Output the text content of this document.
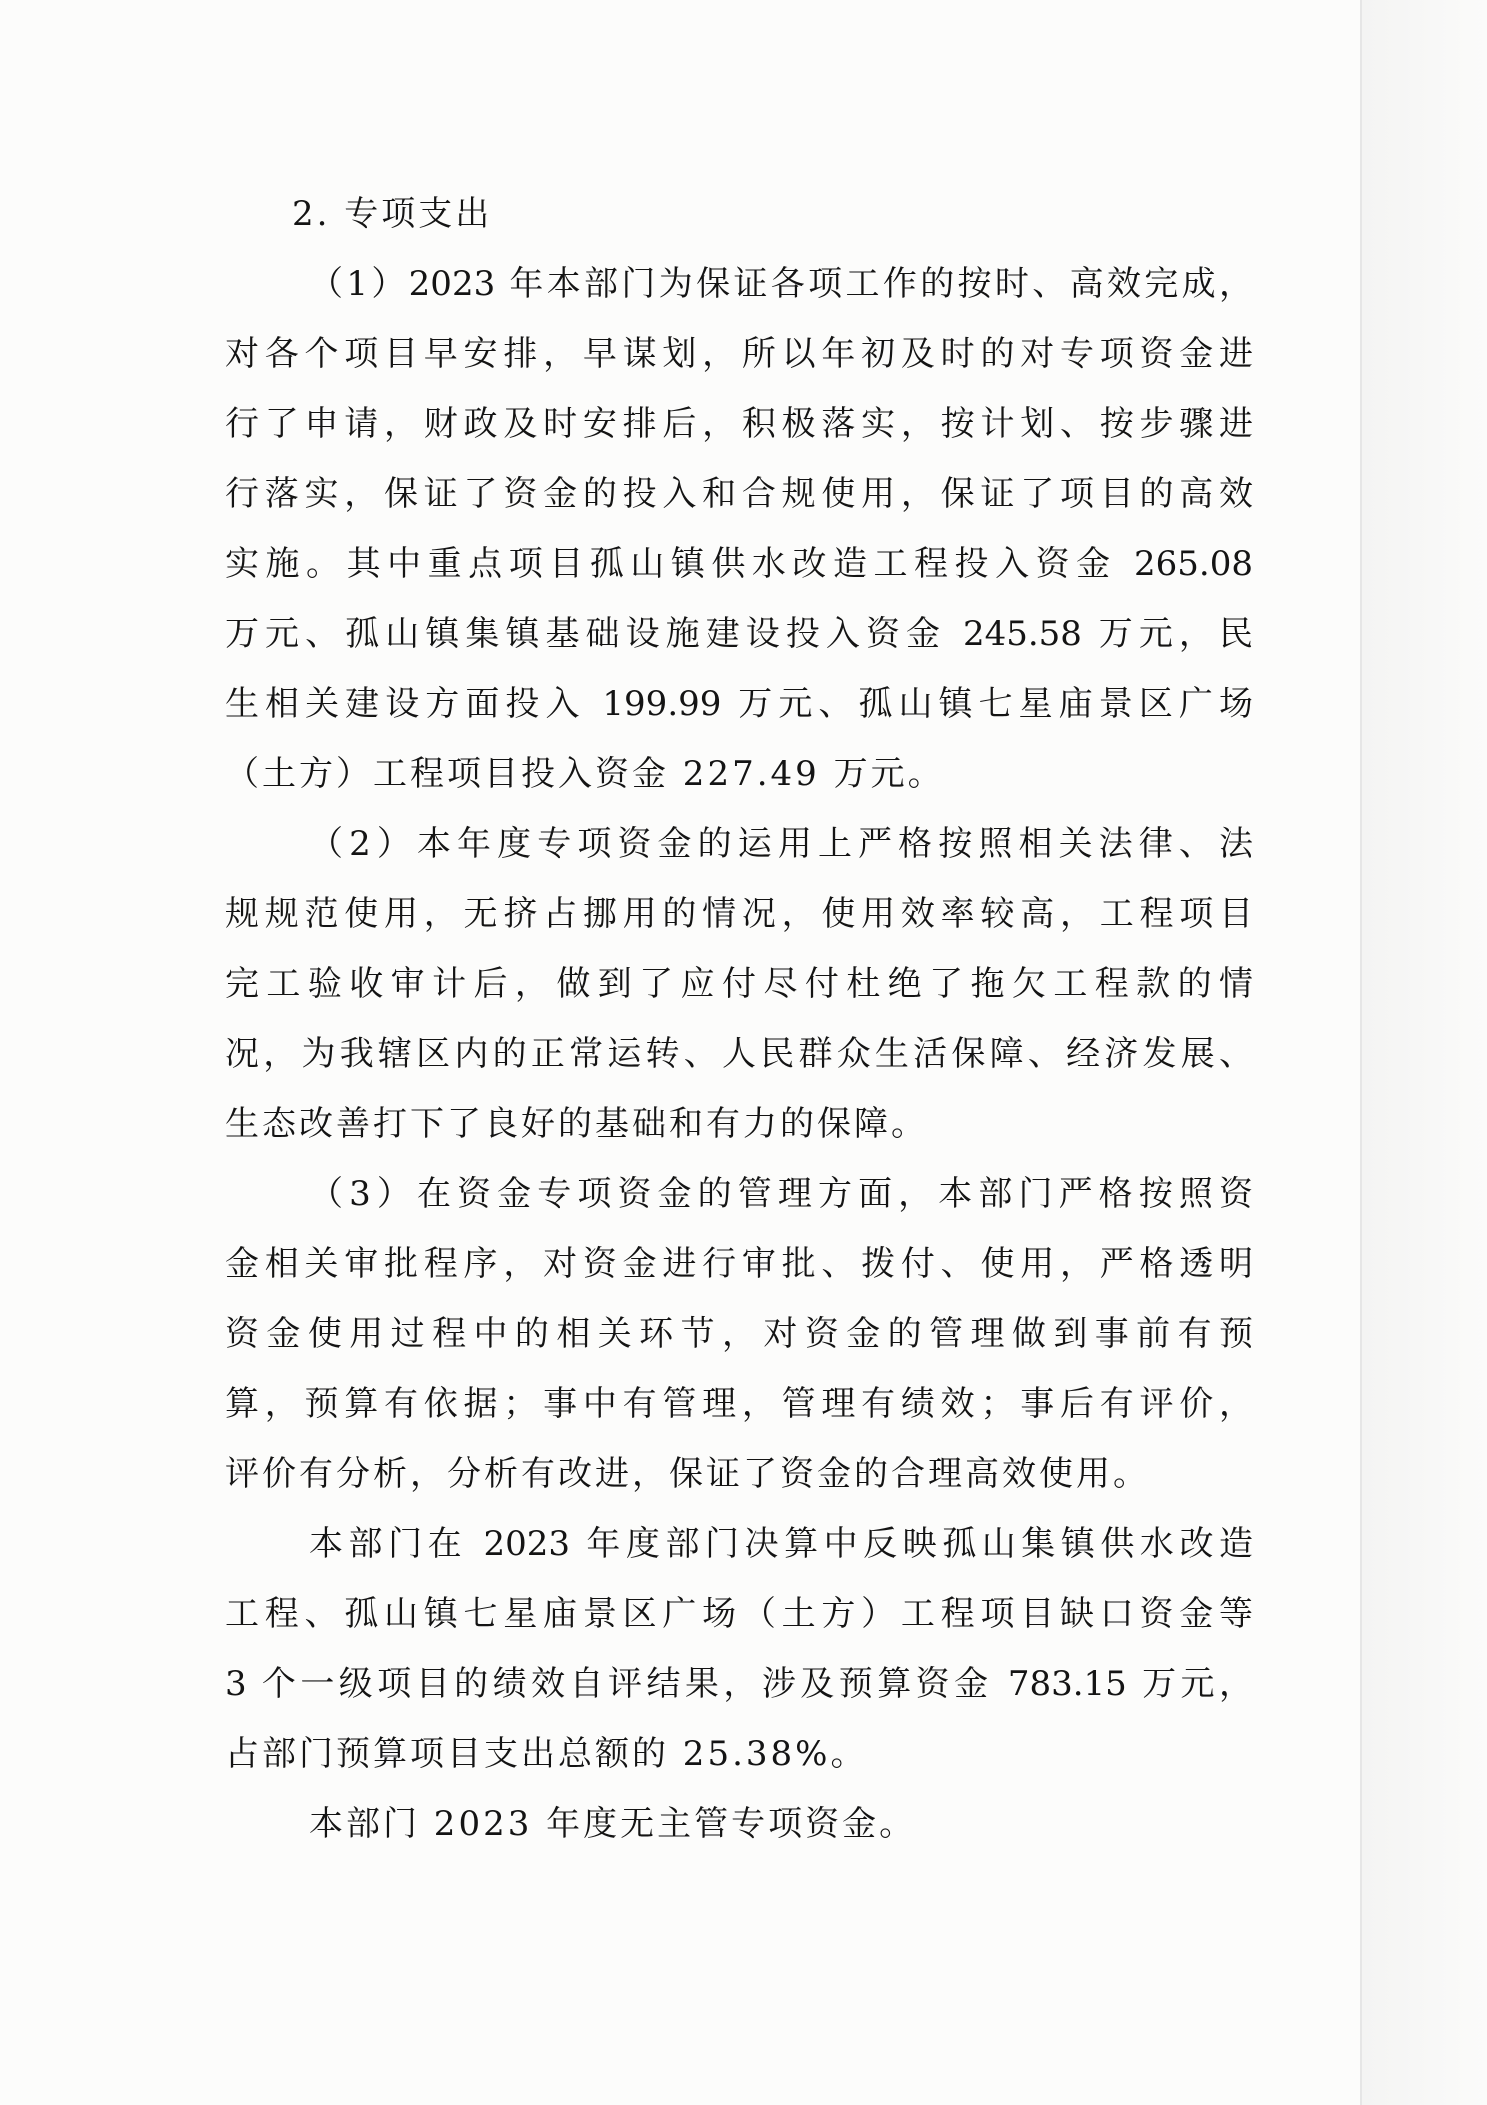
2. 专项支出
（1）2023 年本部门为保证各项工作的按时、高效完成，
对各个项目早安排，早谋划，所以年初及时的对专项资金进
行了申请，财政及时安排后，积极落实，按计划、按步骤进
行落实，保证了资金的投入和合规使用，保证了项目的高效
实施。其中重点项目孤山镇供水改造工程投入资金 265.08
万元、孤山镇集镇基础设施建设投入资金 245.58 万元，民
生相关建设方面投入 199.99 万元、孤山镇七星庙景区广场
（土方）工程项目投入资金 227.49 万元。
（2）本年度专项资金的运用上严格按照相关法律、法
规规范使用，无挤占挪用的情况，使用效率较高，工程项目
完工验收审计后，做到了应付尽付杜绝了拖欠工程款的情
况，为我辖区内的正常运转、人民群众生活保障、经济发展、
生态改善打下了良好的基础和有力的保障。
（3）在资金专项资金的管理方面，本部门严格按照资
金相关审批程序，对资金进行审批、拨付、使用，严格透明
资金使用过程中的相关环节，对资金的管理做到事前有预
算，预算有依据；事中有管理，管理有绩效；事后有评价，
评价有分析，分析有改进，保证了资金的合理高效使用。
本部门在 2023 年度部门决算中反映孤山集镇供水改造
工程、孤山镇七星庙景区广场（土方）工程项目缺口资金等
3 个一级项目的绩效自评结果，涉及预算资金 783.15 万元，
占部门预算项目支出总额的 25.38%。
本部门 2023 年度无主管专项资金。
